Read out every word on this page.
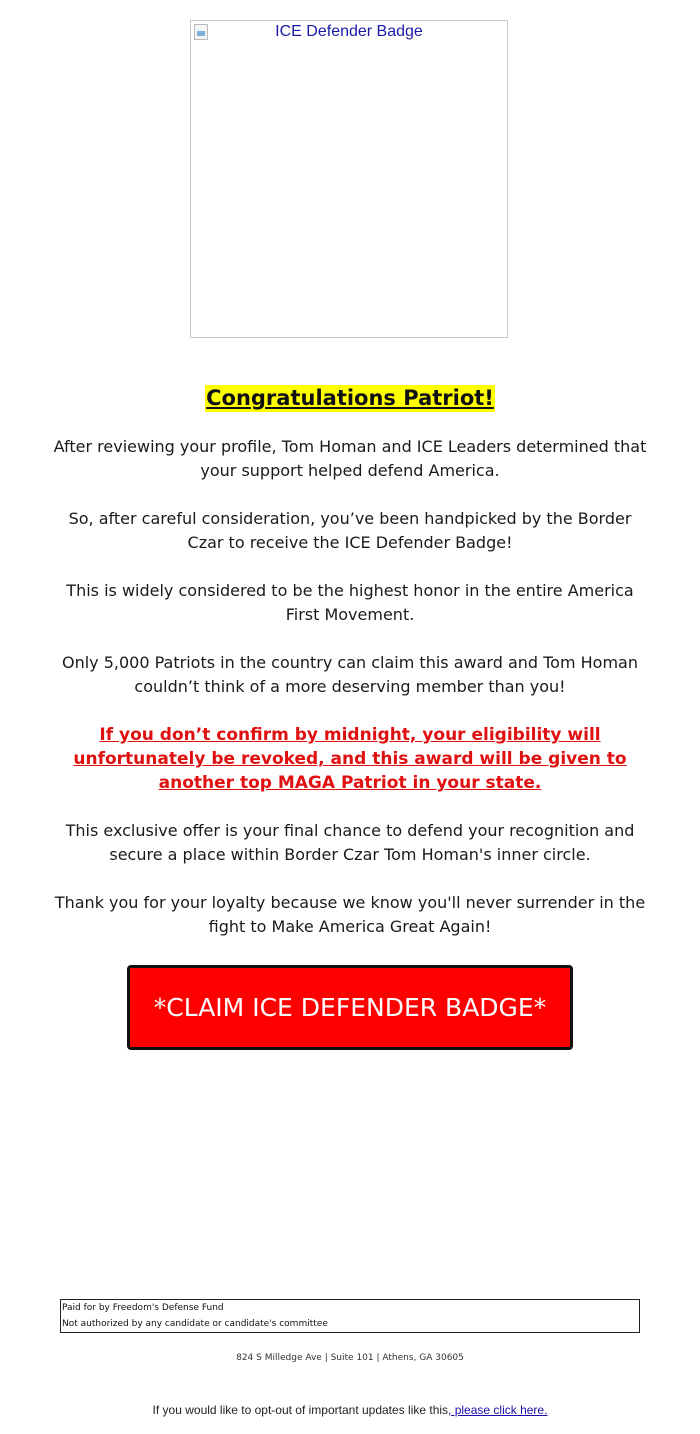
ICE Defender Badge
Congratulations Patriot!

After reviewing your profile, Tom Homan and ICE Leaders determined that your support helped defend America.

So, after careful consideration, you’ve been handpicked by the Border Czar to receive the ICE Defender Badge!

This is widely considered to be the highest honor in the entire America First Movement.

Only 5,000 Patriots in the country can claim this award and Tom Homan couldn’t think of a more deserving member than you!

If you don’t confirm by midnight, your eligibility will unfortunately be revoked, and this award will be given to another top MAGA Patriot in your state.

This exclusive offer is your final chance to defend your recognition and secure a place within Border Czar Tom Homan's inner circle.

Thank you for your loyalty because we know you'll never surrender in the fight to Make America Great Again!

*CLAIM ICE DEFENDER BADGE*
Paid for by Freedom's Defense Fund
Not authorized by any candidate or candidate's committee
824 S Milledge Ave | Suite 101 | Athens, GA 30605
If you would like to opt-out of important updates like this, please click here.
